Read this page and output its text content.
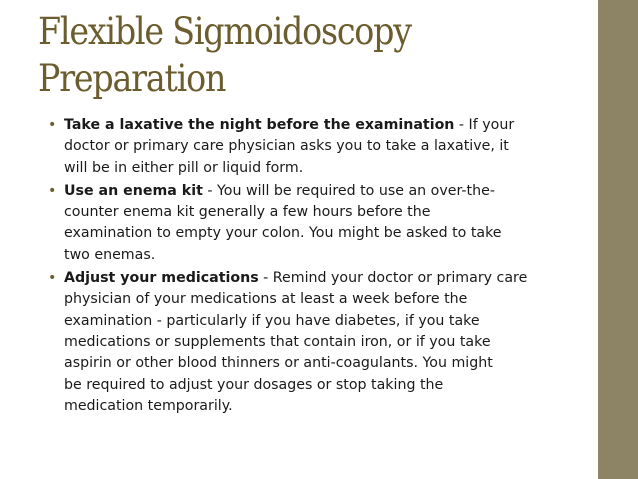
Flexible Sigmoidoscopy
Preparation
• Take a laxative the night before the examination - If your
doctor or primary care physician asks you to take a laxative, it
will be in either pill or liquid form.
• Use an enema kit - You will be required to use an over-the-
counter enema kit generally a few hours before the
examination to empty your colon. You might be asked to take
two enemas.
• Adjust your medications - Remind your doctor or primary care
physician of your medications at least a week before the
examination - particularly if you have diabetes, if you take
medications or supplements that contain iron, or if you take
aspirin or other blood thinners or anti-coagulants. You might
be required to adjust your dosages or stop taking the
medication temporarily.
